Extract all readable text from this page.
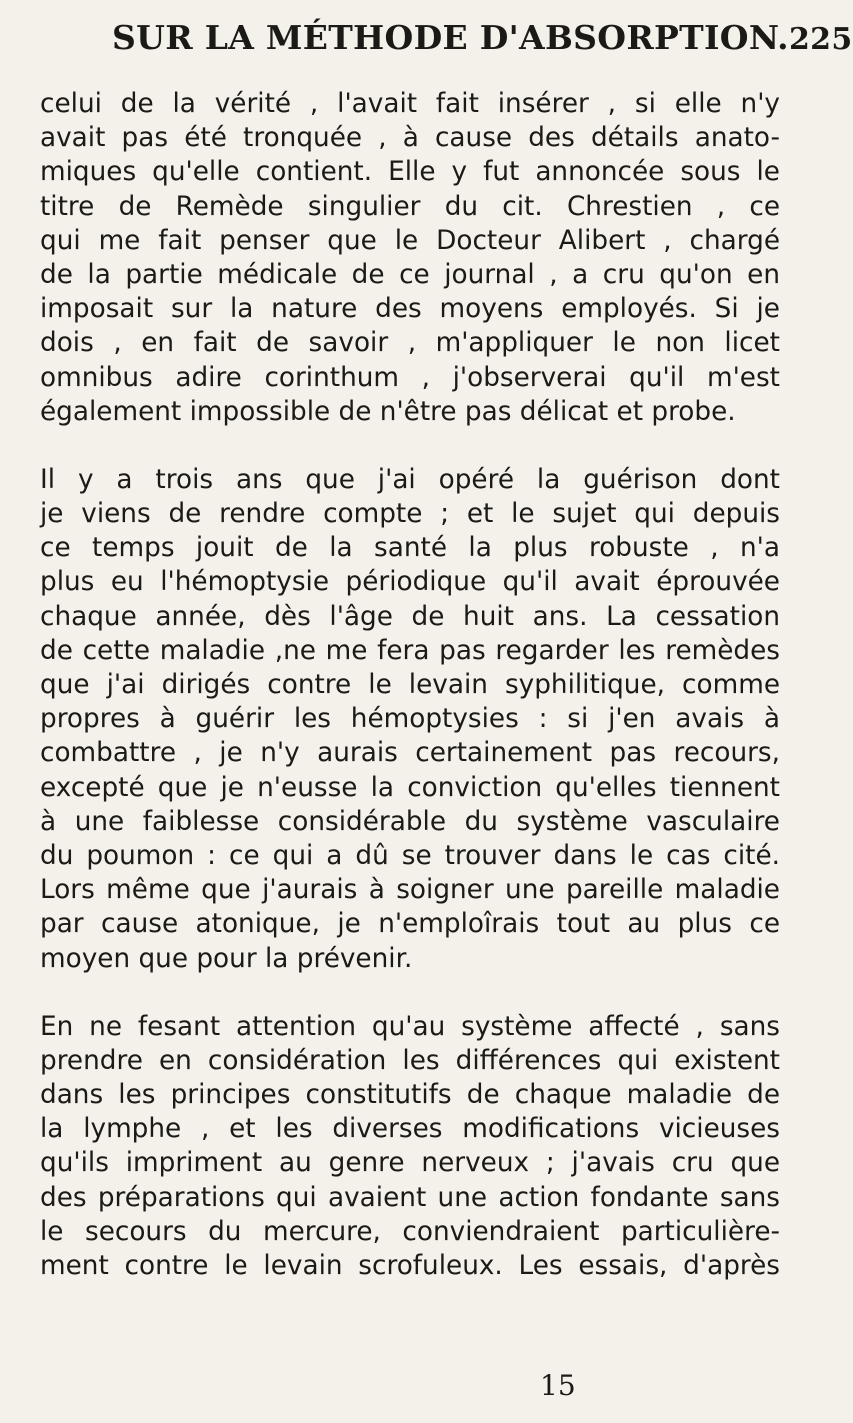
SUR LA MÉTHODE D'ABSORPTION. 225
celui de la vérité , l'avait fait insérer , si elle n'y
avait pas été tronquée , à cause des détails anato-
miques qu'elle contient. Elle y fut annoncée sous le
titre de Remède singulier du cit. Chrestien , ce
qui me fait penser que le Docteur Alibert , chargé
de la partie médicale de ce journal , a cru qu'on en
imposait sur la nature des moyens employés. Si je
dois , en fait de savoir , m'appliquer le non licet
omnibus adire corinthum , j'observerai qu'il m'est
également impossible de n'être pas délicat et probe.
Il y a trois ans que j'ai opéré la guérison dont
je viens de rendre compte ; et le sujet qui depuis
ce temps jouit de la santé la plus robuste , n'a
plus eu l'hémoptysie périodique qu'il avait éprouvée
chaque année, dès l'âge de huit ans. La cessation
de cette maladie ,ne me fera pas regarder les remèdes
que j'ai dirigés contre le levain syphilitique, comme
propres à guérir les hémoptysies : si j'en avais à
combattre , je n'y aurais certainement pas recours,
excepté que je n'eusse la conviction qu'elles tiennent
à une faiblesse considérable du système vasculaire
du poumon : ce qui a dû se trouver dans le cas cité.
Lors même que j'aurais à soigner une pareille maladie
par cause atonique, je n'emploîrais tout au plus ce
moyen que pour la prévenir.
En ne fesant attention qu'au système affecté , sans
prendre en considération les différences qui existent
dans les principes constitutifs de chaque maladie de
la lymphe , et les diverses modifications vicieuses
qu'ils impriment au genre nerveux ; j'avais cru que
des préparations qui avaient une action fondante sans
le secours du mercure, conviendraient particulière-
ment contre le levain scrofuleux. Les essais, d'après
15
